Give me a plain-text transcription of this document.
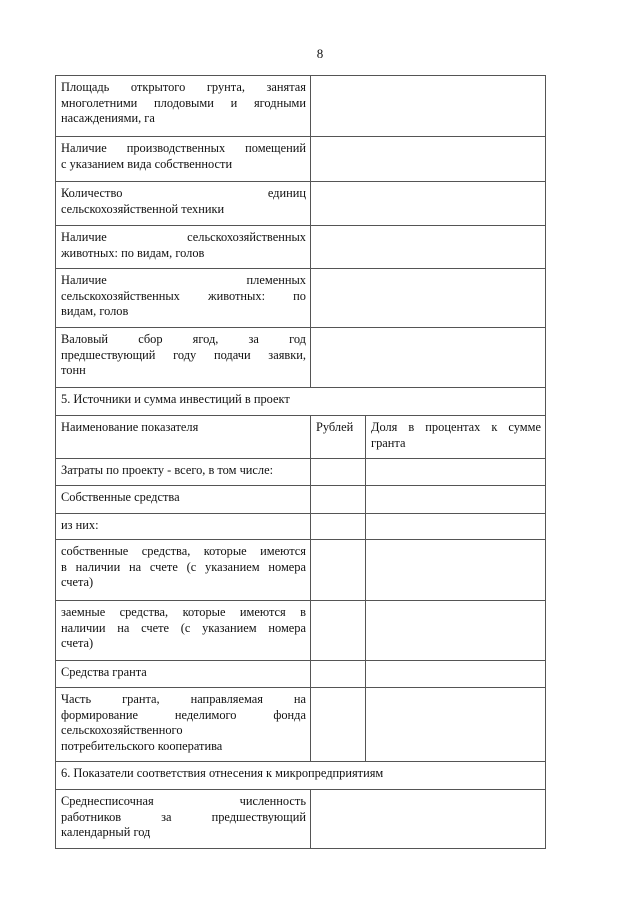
8
Площадь открытого грунта, занятая
многолетними плодовыми и ягодными
насаждениями, га		

Наличие производственных помещений
с указанием вида собственности		

Количество единиц
сельскохозяйственной техники		

Наличие сельскохозяйственных
животных: по видам, голов		

Наличие племенных
сельскохозяйственных животных: по
видам, голов		

Валовый сбор ягод, за год
предшествующий году подачи заявки,
тонн		

5. Источники и сумма инвестиций в проект		
Наименование показателя	Рублей	Доля в процентах к сумме
гранта

Затраты по проекту - всего, в том числе:		
Собственные средства		
из них:		

собственные средства, которые имеются
в наличии на счете (с указанием номера
счета)		

заемные средства, которые имеются в
наличии на счете (с указанием номера
счета)		

Средства гранта		

Часть гранта, направляемая на
формирование неделимого фонда
сельскохозяйственного
потребительского кооператива		

6. Показатели соответствия отнесения к микропредприятиям		

Среднесписочная численность
работников за предшествующий
календарный год		
